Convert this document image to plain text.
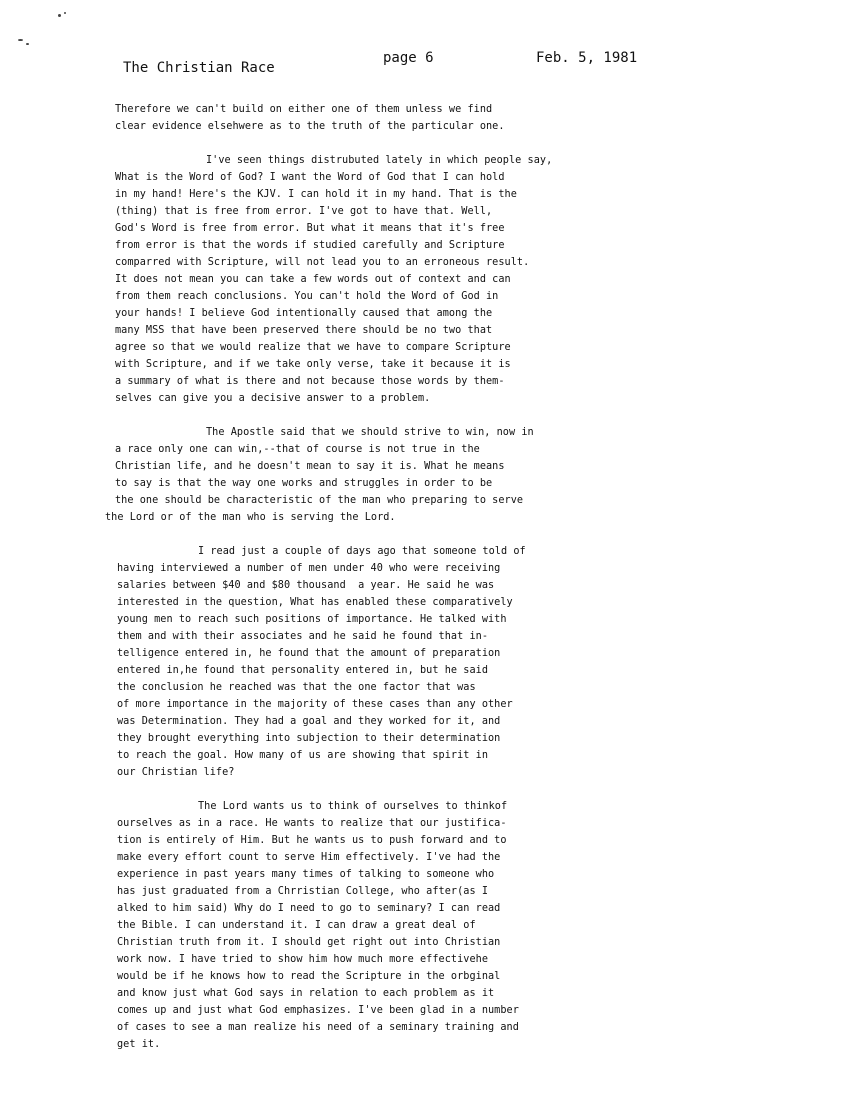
The Christian Race
page 6	Feb. 5, 1981
Therefore we can't build on either one of them unless we find
clear evidence elsehwere as to the truth of the particular one.
I've seen things distrubuted lately in which people say,
What is the Word of God? I want the Word of God that I can hold
in my hand! Here's the KJV. I can hold it in my hand. That is the
(thing) that is free from error. I've got to have that. Well,
God's Word is free from error. But what it means that it's free
from error is that the words if studied carefully and Scripture
comparred with Scripture, will not lead you to an erroneous result.
It does not mean you can take a few words out of context and can
from them reach conclusions. You can't hold the Word of God in
your hands! I believe God intentionally caused that among the
many MSS that have been preserved there should be no two that
agree so that we would realize that we have to compare Scripture
with Scripture, and if we take only verse, take it because it is
a summary of what is there and not because those words by them-
selves can give you a decisive answer to a problem.
The Apostle said that we should strive to win, now in
a race only one can win,--that of course is not true in the
Christian life, and he doesn't mean to say it is. What he means
to say is that the way one works and struggles in order to be
the one should be characteristic of the man who preparing to serve
the Lord or of the man who is serving the Lord.
I read just a couple of days ago that someone told of
having interviewed a number of men under 40 who were receiving
salaries between $40 and $80 thousand  a year. He said he was
interested in the question, What has enabled these comparatively
young men to reach such positions of importance. He talked with
them and with their associates and he said he found that in-
telligence entered in, he found that the amount of preparation
entered in,he found that personality entered in, but he said
the conclusion he reached was that the one factor that was
of more importance in the majority of these cases than any other
was Determination. They had a goal and they worked for it, and
they brought everything into subjection to their determination
to reach the goal. How many of us are showing that spirit in
our Christian life?
The Lord wants us to think of ourselves to thinkof
ourselves as in a race. He wants to realize that our justifica-
tion is entirely of Him. But he wants us to push forward and to
make every effort count to serve Him effectively. I've had the
experience in past years many times of talking to someone who
has just graduated from a Chrristian College, who after(as I
alked to him said) Why do I need to go to seminary? I can read
the Bible. I can understand it. I can draw a great deal of
Christian truth from it. I should get right out into Christian
work now. I have tried to show him how much more effectivehe
would be if he knows how to read the Scripture in the orbginal
and know just what God says in relation to each problem as it
comes up and just what God emphasizes. I've been glad in a number
of cases to see a man realize his need of a seminary training and
get it.
